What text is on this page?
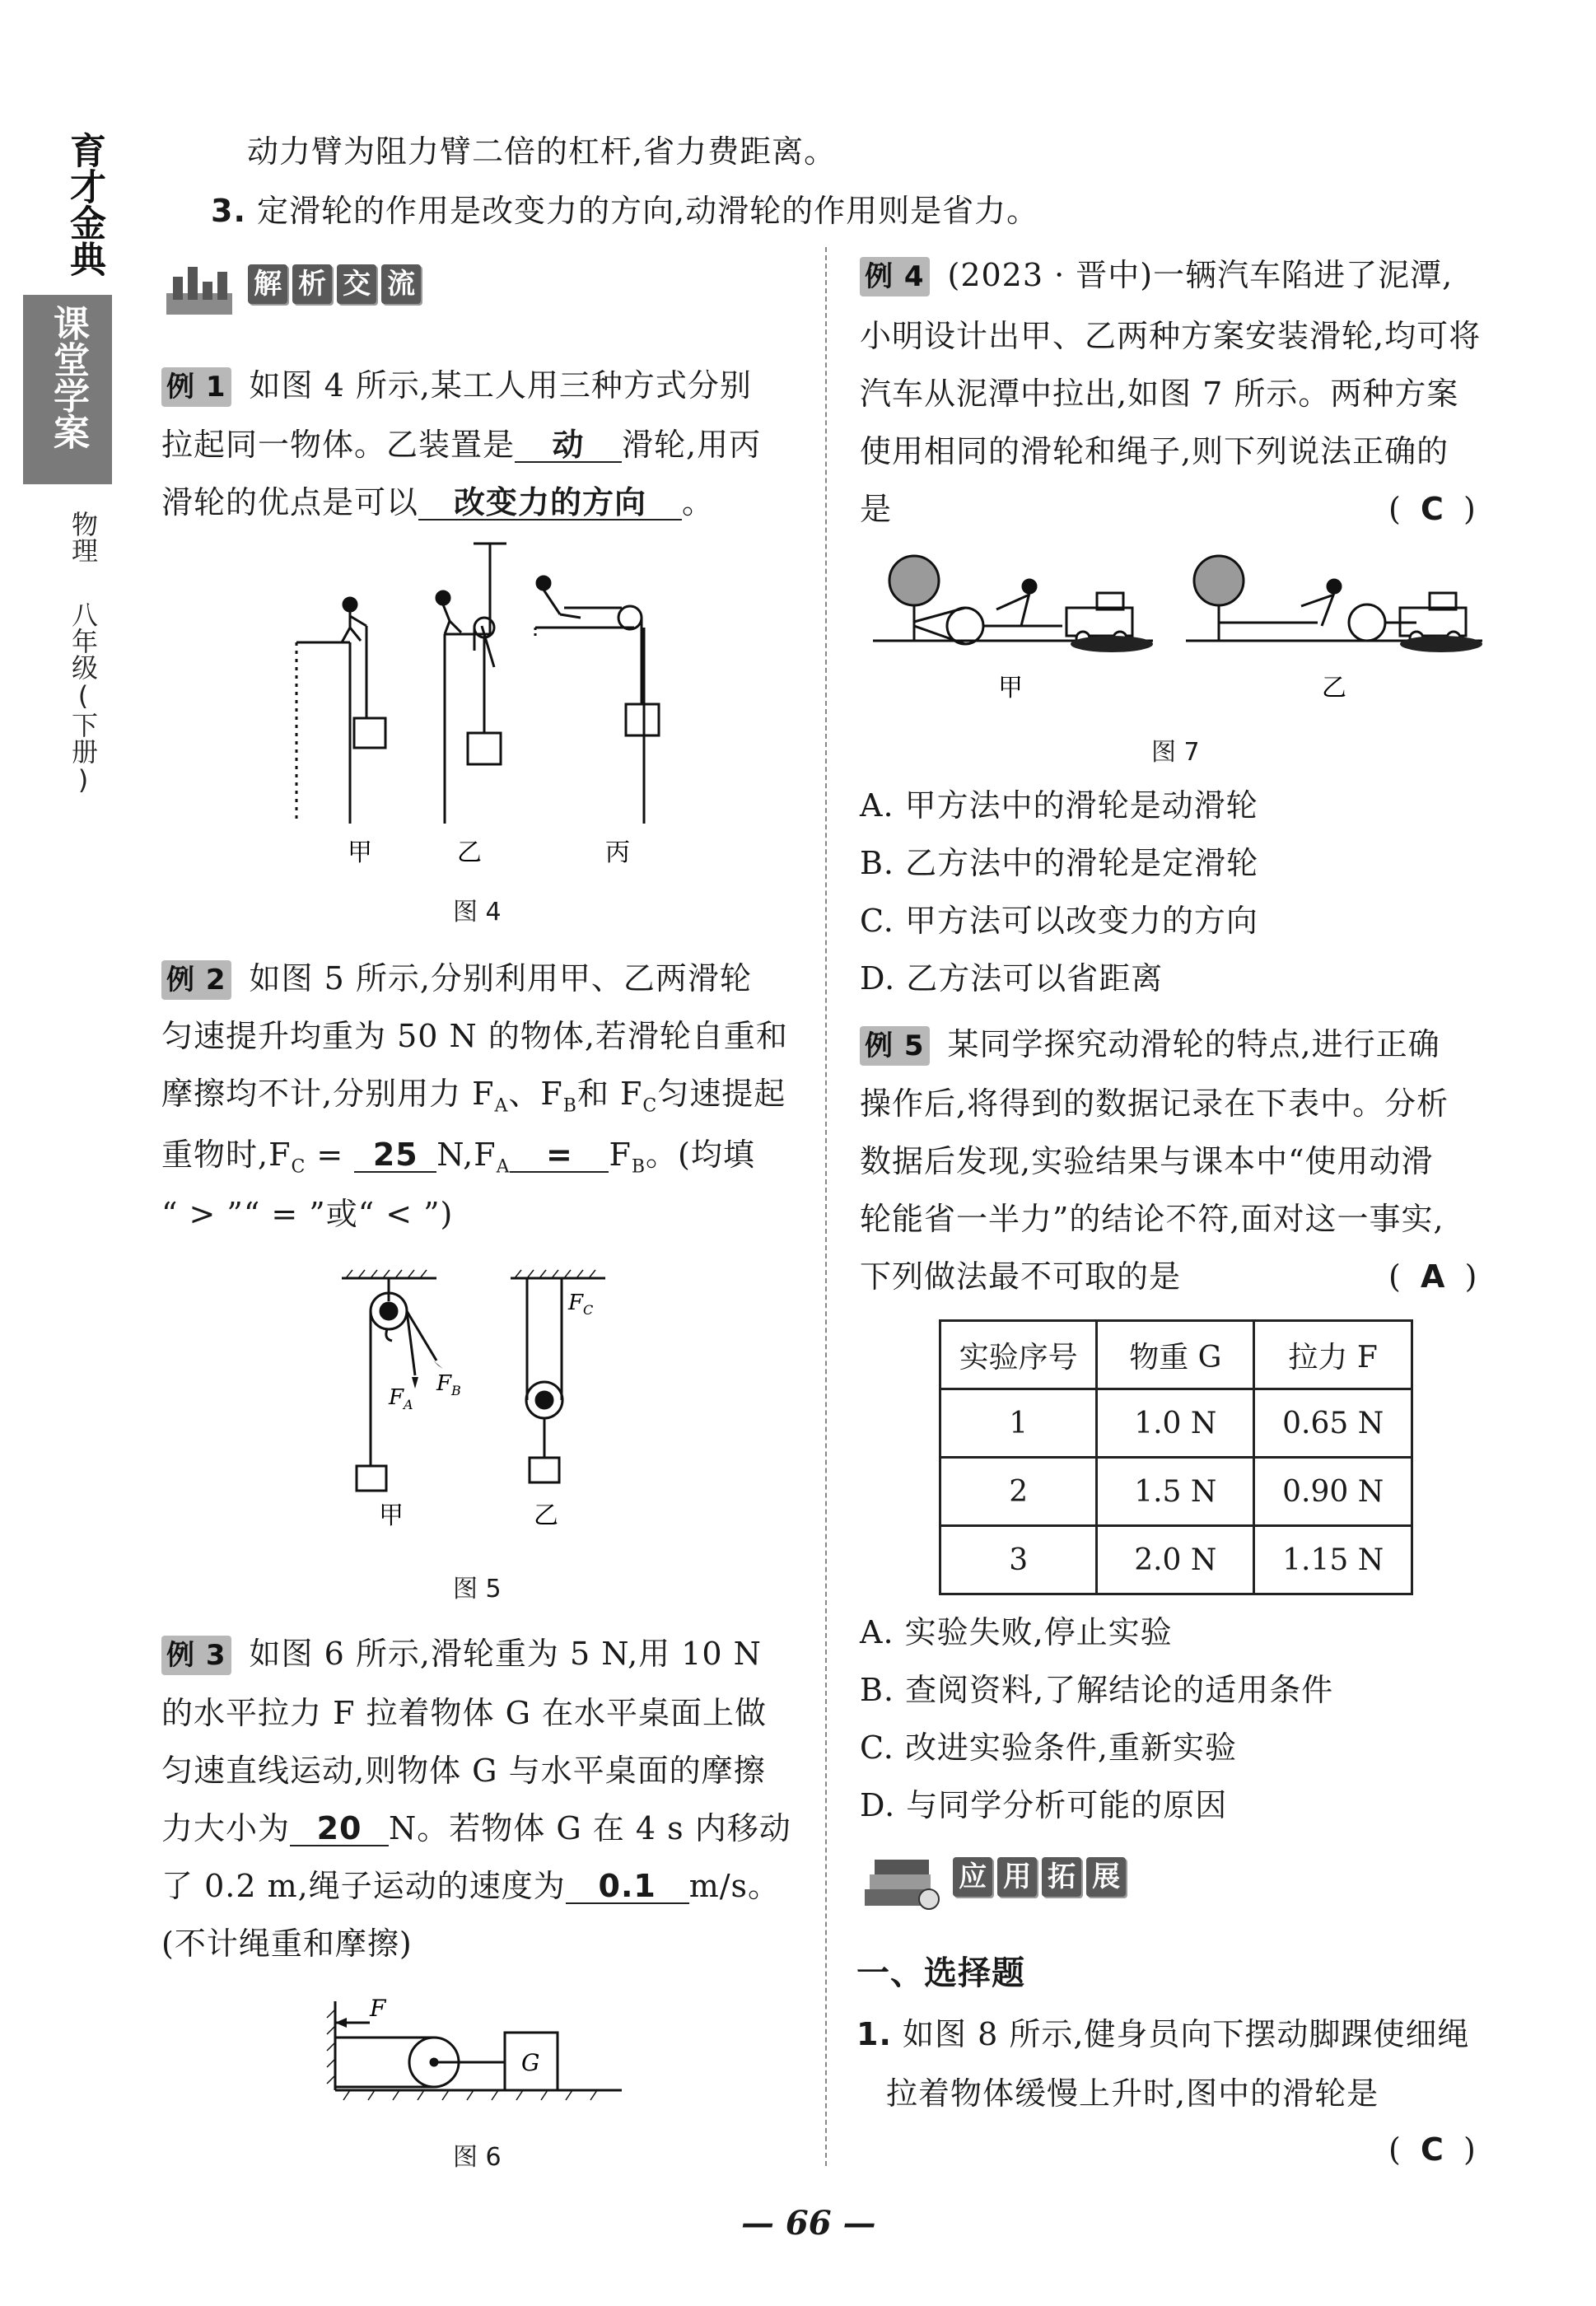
育才金典
课堂学案
物理
八年级(下册)
动力臂为阻力臂二倍的杠杆,省力费距离。
3. 定滑轮的作用是改变力的方向,动滑轮的作用则是省力。
解 析 交 流
例 1 如图 4 所示,某工人用三种方式分别
拉起同一物体。乙装置是 动 滑轮,用丙
滑轮的优点是可以 改变力的方向 。
甲	乙	丙
图 4
例 2 如图 5 所示,分别利用甲、乙两滑轮
匀速提升均重为 50 N 的物体,若滑轮自重和
摩擦均不计,分别用力 $F_A$、$F_B$和 $F_C$匀速提起
重物时$,F_C = 25$ $N,F_A = F_B$。(均填
“ > ”“ = ”或“ < ”)
$F_A$
$F_B$
$F_C$
甲	乙
图 5
例 3 如图 6 所示,滑轮重为 5 N,用 10 N
的水平拉力 F 拉着物体 G 在水平桌面上做
匀速直线运动,则物体 G 与水平桌面的摩擦
力大小为 20 N。若物体 G 在 4 s 内移动
了 0.2 m,绳子运动的速度为 0.1 m/s。
(不计绳重和摩擦)
F
G
图 6
例 4 (2023 · 晋中)一辆汽车陷进了泥潭,
小明设计出甲、乙两种方案安装滑轮,均可将
汽车从泥潭中拉出,如图 7 所示。两种方案
使用相同的滑轮和绳子,则下列说法正确的
是	(  C  )
甲	乙
图 7
A. 甲方法中的滑轮是动滑轮
B. 乙方法中的滑轮是定滑轮
C. 甲方法可以改变力的方向
D. 乙方法可以省距离
例 5 某同学探究动滑轮的特点,进行正确
操作后,将得到的数据记录在下表中。分析
数据后发现,实验结果与课本中“使用动滑
轮能省一半力”的结论不符,面对这一事实,
下列做法最不可取的是	(  A  )
实验序号	物重 G	拉力 F
1	1.0 N	0.65 N
2	1.5 N	0.90 N
3	2.0 N	1.15 N
A. 实验失败,停止实验
B. 查阅资料,了解结论的适用条件
C. 改进实验条件,重新实验
D. 与同学分析可能的原因
应 用 拓 展
一、选择题
1. 如图 8 所示,健身员向下摆动脚踝使细绳
拉着物体缓慢上升时,图中的滑轮是
(  C  )
— 66 —
